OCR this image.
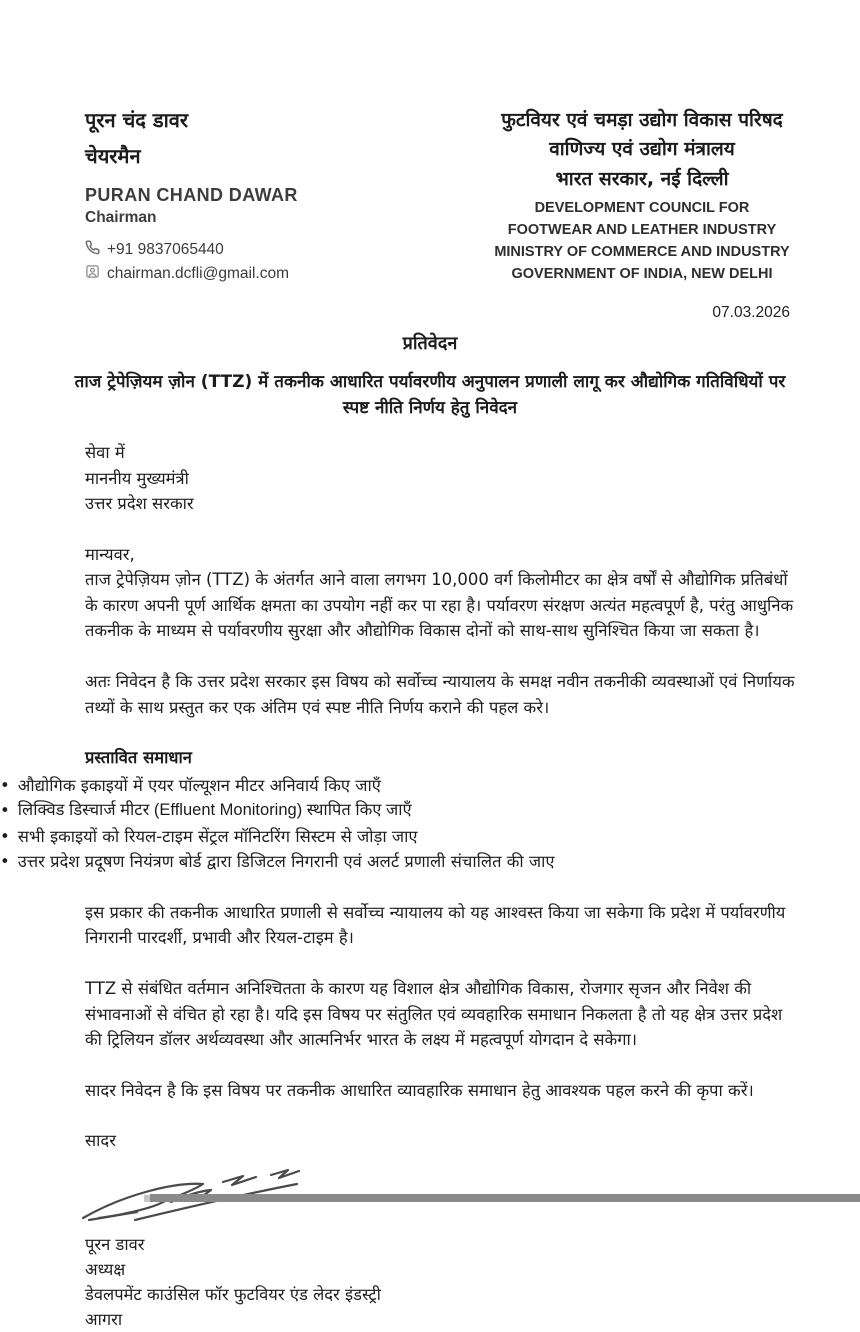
पूरन चंद डावर
चेयरमैन
PURAN CHAND DAWAR
Chairman
+91 9837065440
chairman.dcfli@gmail.com
फुटवियर एवं चमड़ा उद्योग विकास परिषद
वाणिज्य एवं उद्योग मंत्रालय
भारत सरकार, नई दिल्ली
DEVELOPMENT COUNCIL FOR
FOOTWEAR AND LEATHER INDUSTRY
MINISTRY OF COMMERCE AND INDUSTRY
GOVERNMENT OF INDIA, NEW DELHI
07.03.2026
प्रतिवेदन
ताज ट्रेपेज़ियम ज़ोन (TTZ) में तकनीक आधारित पर्यावरणीय अनुपालन प्रणाली लागू कर औद्योगिक गतिविधियों पर स्पष्ट नीति निर्णय हेतु निवेदन
सेवा में
माननीय मुख्यमंत्री
उत्तर प्रदेश सरकार
मान्यवर,
ताज ट्रेपेज़ियम ज़ोन (TTZ) के अंतर्गत आने वाला लगभग 10,000 वर्ग किलोमीटर का क्षेत्र वर्षों से औद्योगिक प्रतिबंधों के कारण अपनी पूर्ण आर्थिक क्षमता का उपयोग नहीं कर पा रहा है। पर्यावरण संरक्षण अत्यंत महत्वपूर्ण है, परंतु आधुनिक तकनीक के माध्यम से पर्यावरणीय सुरक्षा और औद्योगिक विकास दोनों को साथ-साथ सुनिश्चित किया जा सकता है।
अतः निवेदन है कि उत्तर प्रदेश सरकार इस विषय को सर्वोच्च न्यायालय के समक्ष नवीन तकनीकी व्यवस्थाओं एवं निर्णायक तथ्यों के साथ प्रस्तुत कर एक अंतिम एवं स्पष्ट नीति निर्णय कराने की पहल करे।
प्रस्तावित समाधान
• औद्योगिक इकाइयों में एयर पॉल्यूशन मीटर अनिवार्य किए जाएँ
• लिक्विड डिस्चार्ज मीटर (Effluent Monitoring) स्थापित किए जाएँ
• सभी इकाइयों को रियल-टाइम सेंट्रल मॉनिटरिंग सिस्टम से जोड़ा जाए
• उत्तर प्रदेश प्रदूषण नियंत्रण बोर्ड द्वारा डिजिटल निगरानी एवं अलर्ट प्रणाली संचालित की जाए
इस प्रकार की तकनीक आधारित प्रणाली से सर्वोच्च न्यायालय को यह आश्वस्त किया जा सकेगा कि प्रदेश में पर्यावरणीय निगरानी पारदर्शी, प्रभावी और रियल-टाइम है।
TTZ से संबंधित वर्तमान अनिश्चितता के कारण यह विशाल क्षेत्र औद्योगिक विकास, रोजगार सृजन और निवेश की संभावनाओं से वंचित हो रहा है। यदि इस विषय पर संतुलित एवं व्यवहारिक समाधान निकलता है तो यह क्षेत्र उत्तर प्रदेश की ट्रिलियन डॉलर अर्थव्यवस्था और आत्मनिर्भर भारत के लक्ष्य में महत्वपूर्ण योगदान दे सकेगा।
सादर निवेदन है कि इस विषय पर तकनीक आधारित व्यावहारिक समाधान हेतु आवश्यक पहल करने की कृपा करें।
सादर
पूरन डावर
अध्यक्ष
डेवलपमेंट काउंसिल फॉर फुटवियर एंड लेदर इंडस्ट्री
आगरा
